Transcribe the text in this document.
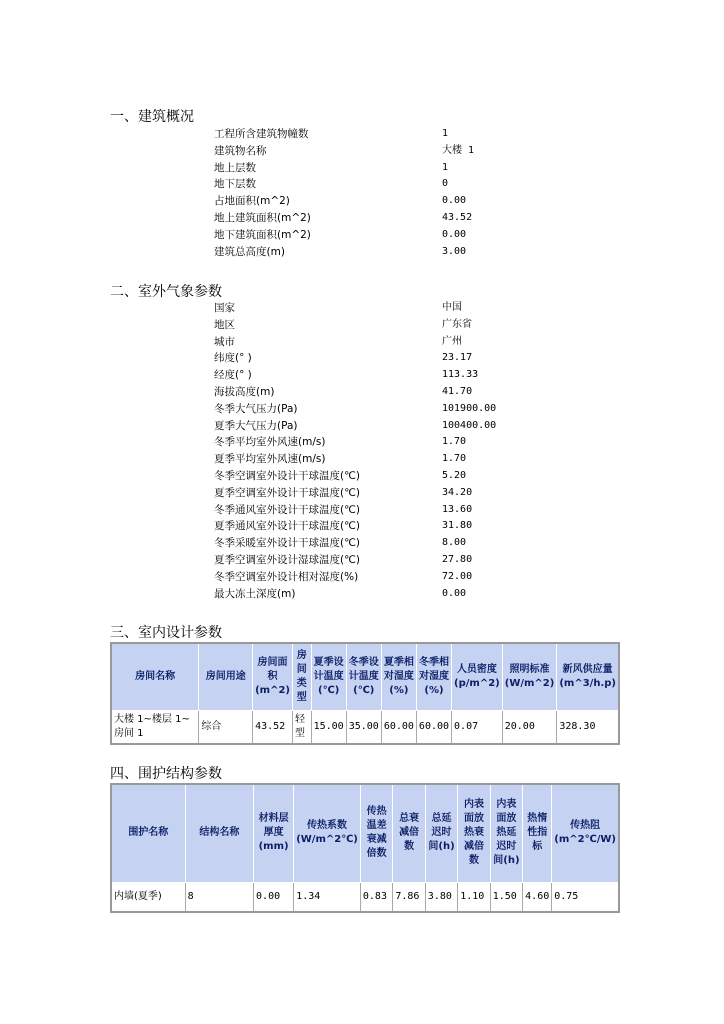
一、建筑概况
工程所含建筑物幢数	1
建筑物名称	大楼 1
地上层数	1
地下层数	0
占地面积(m^2)	0.00
地上建筑面积(m^2)	43.52
地下建筑面积(m^2)	0.00
建筑总高度(m)	3.00
二、室外气象参数
国家	中国
地区	广东省
城市	广州
纬度(° )	23.17
经度(° )	113.33
海拔高度(m)	41.70
冬季大气压力(Pa)	101900.00
夏季大气压力(Pa)	100400.00
冬季平均室外风速(m/s)	1.70
夏季平均室外风速(m/s)	1.70
冬季空调室外设计干球温度(℃)	5.20
夏季空调室外设计干球温度(℃)	34.20
冬季通风室外设计干球温度(℃)	13.60
夏季通风室外设计干球温度(℃)	31.80
冬季采暖室外设计干球温度(℃)	8.00
夏季空调室外设计湿球温度(℃)	27.80
冬季空调室外设计相对湿度(%)	72.00
最大冻土深度(m)	0.00
三、室内设计参数
房间名称	房间用途	房间面积(m^2)	房间类型	夏季设计温度(℃)	冬季设计温度(℃)	夏季相对湿度(%)	冬季相对湿度(%)	人员密度(p/m^2)	照明标准(W/m^2)	新风供应量(m^3/h.p)
大楼 1~楼层 1~房间 1	综合	43.52	轻型	15.00	35.00	60.00	60.00	0.07	20.00	328.30
四、围护结构参数
围护名称	结构名称	材料层厚度(mm)	传热系数(W/m^2℃)	传热温差衰减倍数	总衰减倍数	总延迟时间(h)	内表面放热衰减倍数	内表面放热延迟时间(h)	热惰性指标	传热阻(m^2℃/W)
内墙(夏季)	8	0.00	1.34	0.83	7.86	3.80	1.10	1.50	4.60	0.75
